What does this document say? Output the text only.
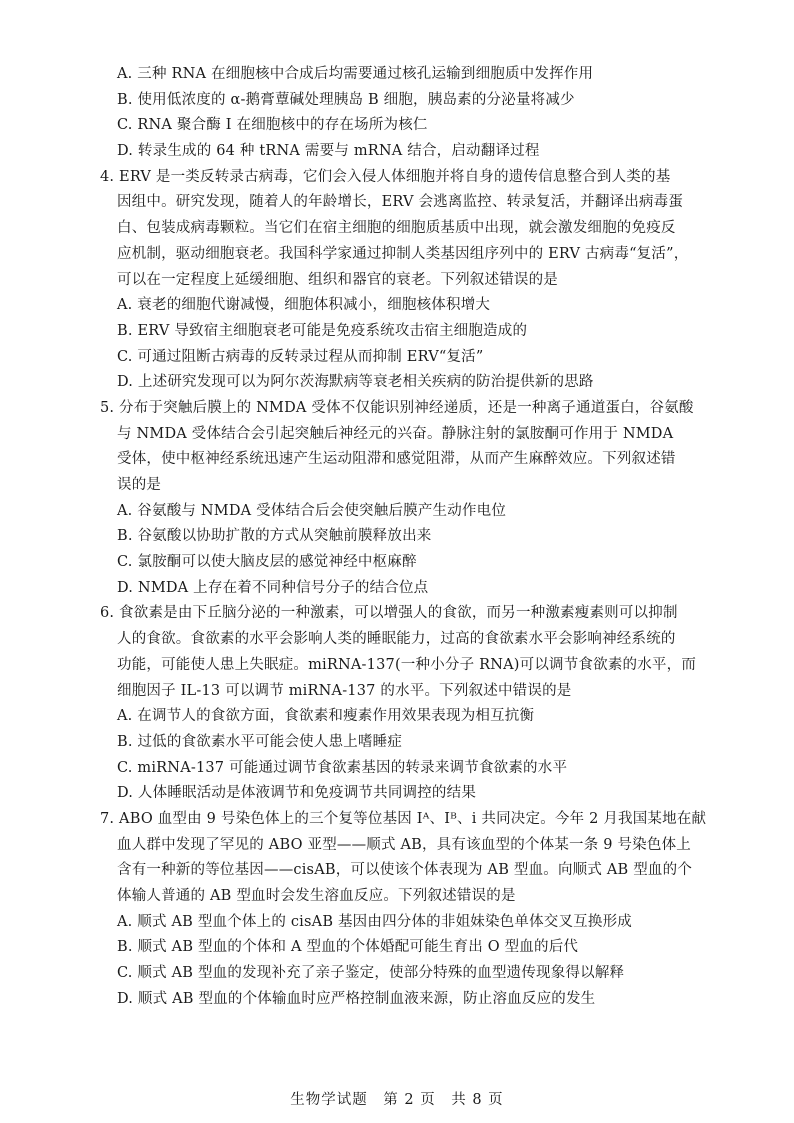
A. 三种 RNA 在细胞核中合成后均需要通过核孔运输到细胞质中发挥作用
B. 使用低浓度的 α-鹅膏蕈碱处理胰岛 B 细胞，胰岛素的分泌量将减少
C. RNA 聚合酶 Ⅰ 在细胞核中的存在场所为核仁
D. 转录生成的 64 种 tRNA 需要与 mRNA 结合，启动翻译过程
4. ERV 是一类反转录古病毒，它们会入侵人体细胞并将自身的遗传信息整合到人类的基
因组中。研究发现，随着人的年龄增长，ERV 会逃离监控、转录复活，并翻译出病毒蛋
白、包装成病毒颗粒。当它们在宿主细胞的细胞质基质中出现，就会激发细胞的免疫反
应机制，驱动细胞衰老。我国科学家通过抑制人类基因组序列中的 ERV 古病毒“复活”，
可以在一定程度上延缓细胞、组织和器官的衰老。下列叙述错误的是
A. 衰老的细胞代谢减慢，细胞体积减小，细胞核体积增大
B. ERV 导致宿主细胞衰老可能是免疫系统攻击宿主细胞造成的
C. 可通过阻断古病毒的反转录过程从而抑制 ERV“复活”
D. 上述研究发现可以为阿尔茨海默病等衰老相关疾病的防治提供新的思路
5. 分布于突触后膜上的 NMDA 受体不仅能识别神经递质，还是一种离子通道蛋白，谷氨酸
与 NMDA 受体结合会引起突触后神经元的兴奋。静脉注射的氯胺酮可作用于 NMDA
受体，使中枢神经系统迅速产生运动阻滞和感觉阻滞，从而产生麻醉效应。下列叙述错
误的是
A. 谷氨酸与 NMDA 受体结合后会使突触后膜产生动作电位
B. 谷氨酸以协助扩散的方式从突触前膜释放出来
C. 氯胺酮可以使大脑皮层的感觉神经中枢麻醉
D. NMDA 上存在着不同种信号分子的结合位点
6. 食欲素是由下丘脑分泌的一种激素，可以增强人的食欲，而另一种激素瘦素则可以抑制
人的食欲。食欲素的水平会影响人类的睡眠能力，过高的食欲素水平会影响神经系统的
功能，可能使人患上失眠症。miRNA-137(一种小分子 RNA)可以调节食欲素的水平，而
细胞因子 IL-13 可以调节 miRNA-137 的水平。下列叙述中错误的是
A. 在调节人的食欲方面，食欲素和瘦素作用效果表现为相互抗衡
B. 过低的食欲素水平可能会使人患上嗜睡症
C. miRNA-137 可能通过调节食欲素基因的转录来调节食欲素的水平
D. 人体睡眠活动是体液调节和免疫调节共同调控的结果
7. ABO 血型由 9 号染色体上的三个复等位基因 Iᴬ、Iᴮ、i 共同决定。今年 2 月我国某地在献
血人群中发现了罕见的 ABO 亚型——顺式 AB，具有该血型的个体某一条 9 号染色体上
含有一种新的等位基因——cisAB，可以使该个体表现为 AB 型血。向顺式 AB 型血的个
体输人普通的 AB 型血时会发生溶血反应。下列叙述错误的是
A. 顺式 AB 型血个体上的 cisAB 基因由四分体的非姐妹染色单体交叉互换形成
B. 顺式 AB 型血的个体和 A 型血的个体婚配可能生育出 O 型血的后代
C. 顺式 AB 型血的发现补充了亲子鉴定，使部分特殊的血型遗传现象得以解释
D. 顺式 AB 型血的个体输血时应严格控制血液来源，防止溶血反应的发生
生物学试题　第 2 页　共 8 页
